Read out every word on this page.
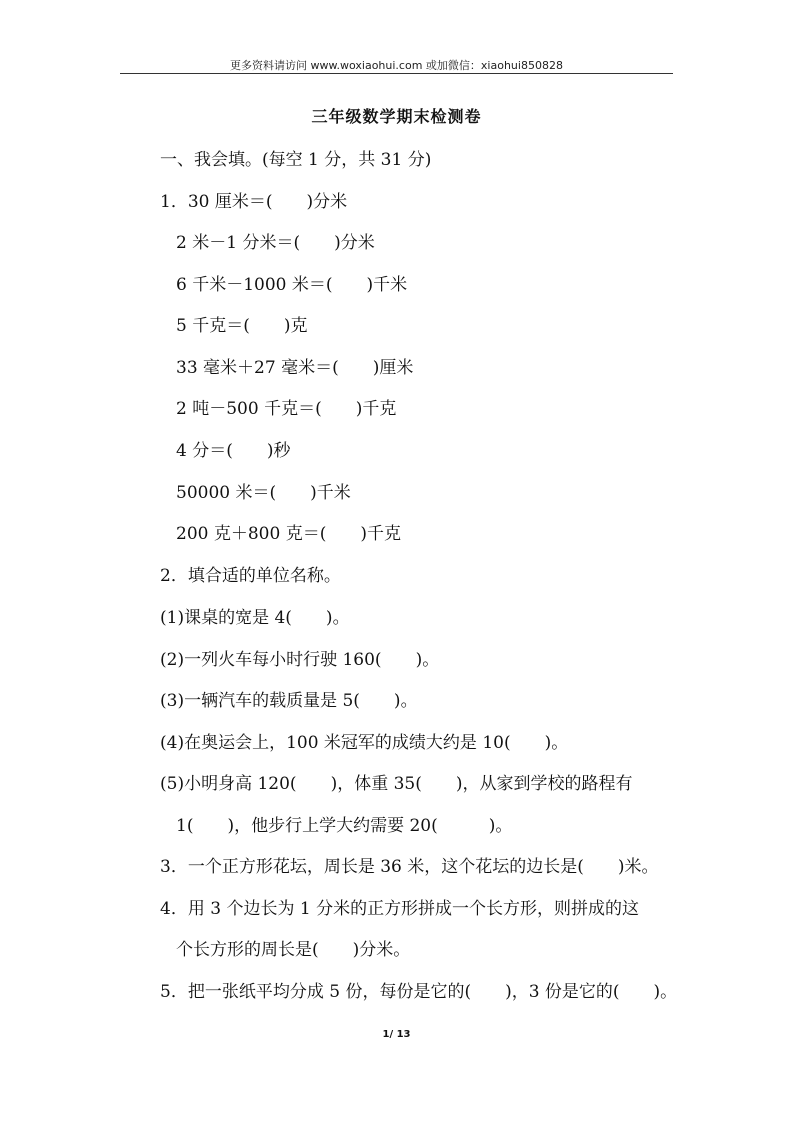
更多资料请访问 www.woxiaohui.com 或加微信：xiaohui850828
三年级数学期末检测卷
一、我会填。(每空 1 分，共 31 分)
1．30 厘米＝(　　)分米
2 米－1 分米＝(　　)分米
6 千米－1000 米＝(　　)千米
5 千克＝(　　)克
33 毫米＋27 毫米＝(　　)厘米
2 吨－500 千克＝(　　)千克
4 分＝(　　)秒
50000 米＝(　　)千米
200 克＋800 克＝(　　)千克
2．填合适的单位名称。
(1)课桌的宽是 4(　　)。
(2)一列火车每小时行驶 160(　　)。
(3)一辆汽车的载质量是 5(　　)。
(4)在奥运会上，100 米冠军的成绩大约是 10(　　)。
(5)小明身高 120(　　)，体重 35(　　)，从家到学校的路程有
1(　　)，他步行上学大约需要 20(　　　)。
3．一个正方形花坛，周长是 36 米，这个花坛的边长是(　　)米。
4．用 3 个边长为 1 分米的正方形拼成一个长方形，则拼成的这
个长方形的周长是(　　)分米。
5．把一张纸平均分成 5 份，每份是它的(　　)，3 份是它的(　　)。
1/ 13
